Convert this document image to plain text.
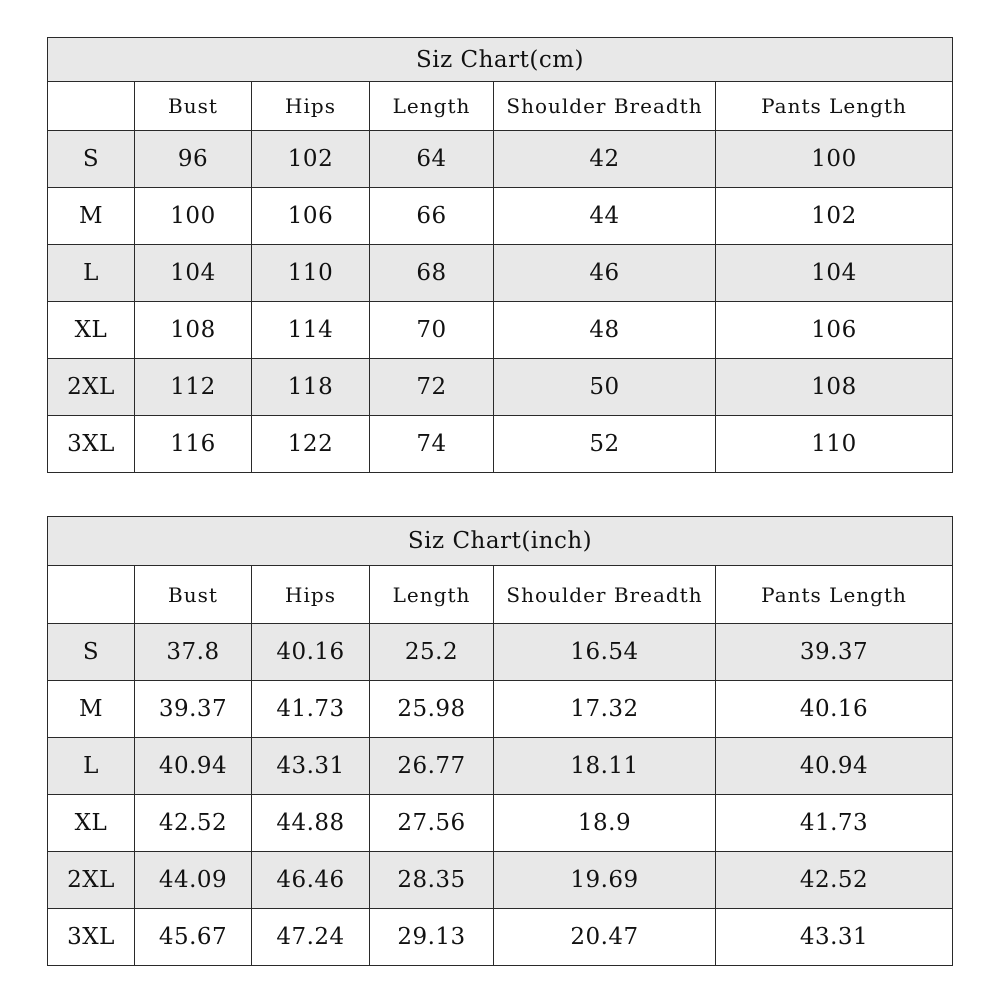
Siz Chart(cm)					
	Bust	Hips	Length	Shoulder Breadth	Pants Length
S	96	102	64	42	100
M	100	106	66	44	102
L	104	110	68	46	104
XL	108	114	70	48	106
2XL	112	118	72	50	108
3XL	116	122	74	52	110
Siz Chart(inch)					
	Bust	Hips	Length	Shoulder Breadth	Pants Length
S	37.8	40.16	25.2	16.54	39.37
M	39.37	41.73	25.98	17.32	40.16
L	40.94	43.31	26.77	18.11	40.94
XL	42.52	44.88	27.56	18.9	41.73
2XL	44.09	46.46	28.35	19.69	42.52
3XL	45.67	47.24	29.13	20.47	43.31
